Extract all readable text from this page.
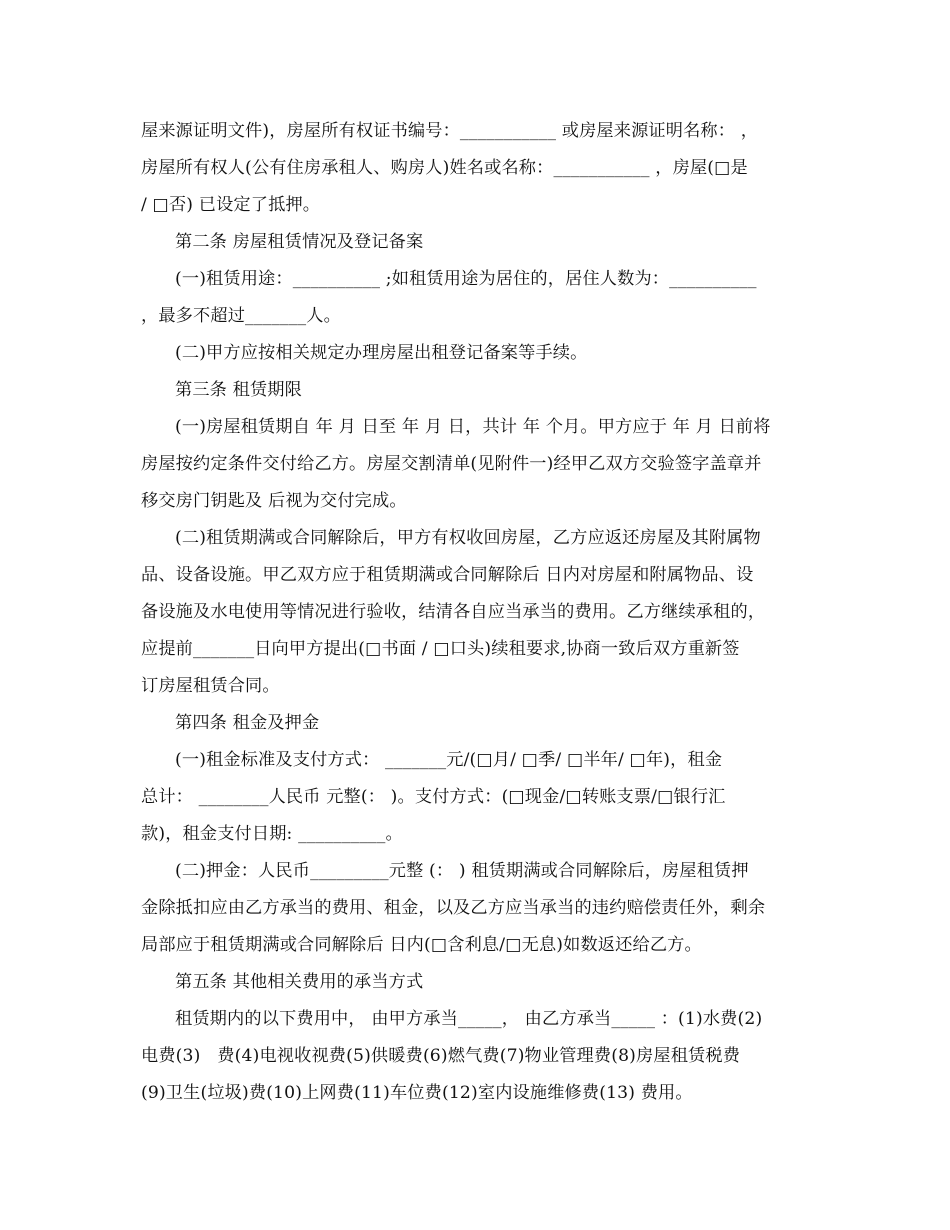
屋来源证明文件)，房屋所有权证书编号：___________ 或房屋来源证明名称： ，
房屋所有权人(公有住房承租人、购房人)姓名或名称：___________ ，房屋(□是
/ □否) 已设定了抵押。
第二条 房屋租赁情况及登记备案
(一)租赁用途：__________ ;如租赁用途为居住的，居住人数为：__________
，最多不超过_______人。
(二)甲方应按相关规定办理房屋出租登记备案等手续。
第三条 租赁期限
(一)房屋租赁期自 年 月 日至 年 月 日，共计 年 个月。甲方应于 年 月 日前将
房屋按约定条件交付给乙方。房屋交割清单(见附件一)经甲乙双方交验签字盖章并
移交房门钥匙及 后视为交付完成。
(二)租赁期满或合同解除后，甲方有权收回房屋，乙方应返还房屋及其附属物
品、设备设施。甲乙双方应于租赁期满或合同解除后 日内对房屋和附属物品、设
备设施及水电使用等情况进行验收，结清各自应当承当的费用。乙方继续承租的，
应提前_______日向甲方提出(□书面 / □口头)续租要求,协商一致后双方重新签
订房屋租赁合同。
第四条 租金及押金
(一)租金标准及支付方式： _______元/(□月/ □季/ □半年/ □年)，租金
总计： ________人民币 元整(： )。支付方式：(□现金/□转账支票/□银行汇
款)，租金支付日期: __________。
(二)押金：人民币_________元整 (： ) 租赁期满或合同解除后，房屋租赁押
金除抵扣应由乙方承当的费用、租金，以及乙方应当承当的违约赔偿责任外，剩余
局部应于租赁期满或合同解除后 日内(□含利息/□无息)如数返还给乙方。
第五条 其他相关费用的承当方式
租赁期内的以下费用中， 由甲方承当_____， 由乙方承当_____ ：(1)水费(2)
电费(3)   费(4)电视收视费(5)供暖费(6)燃气费(7)物业管理费(8)房屋租赁税费
(9)卫生(垃圾)费(10)上网费(11)车位费(12)室内设施维修费(13) 费用。
